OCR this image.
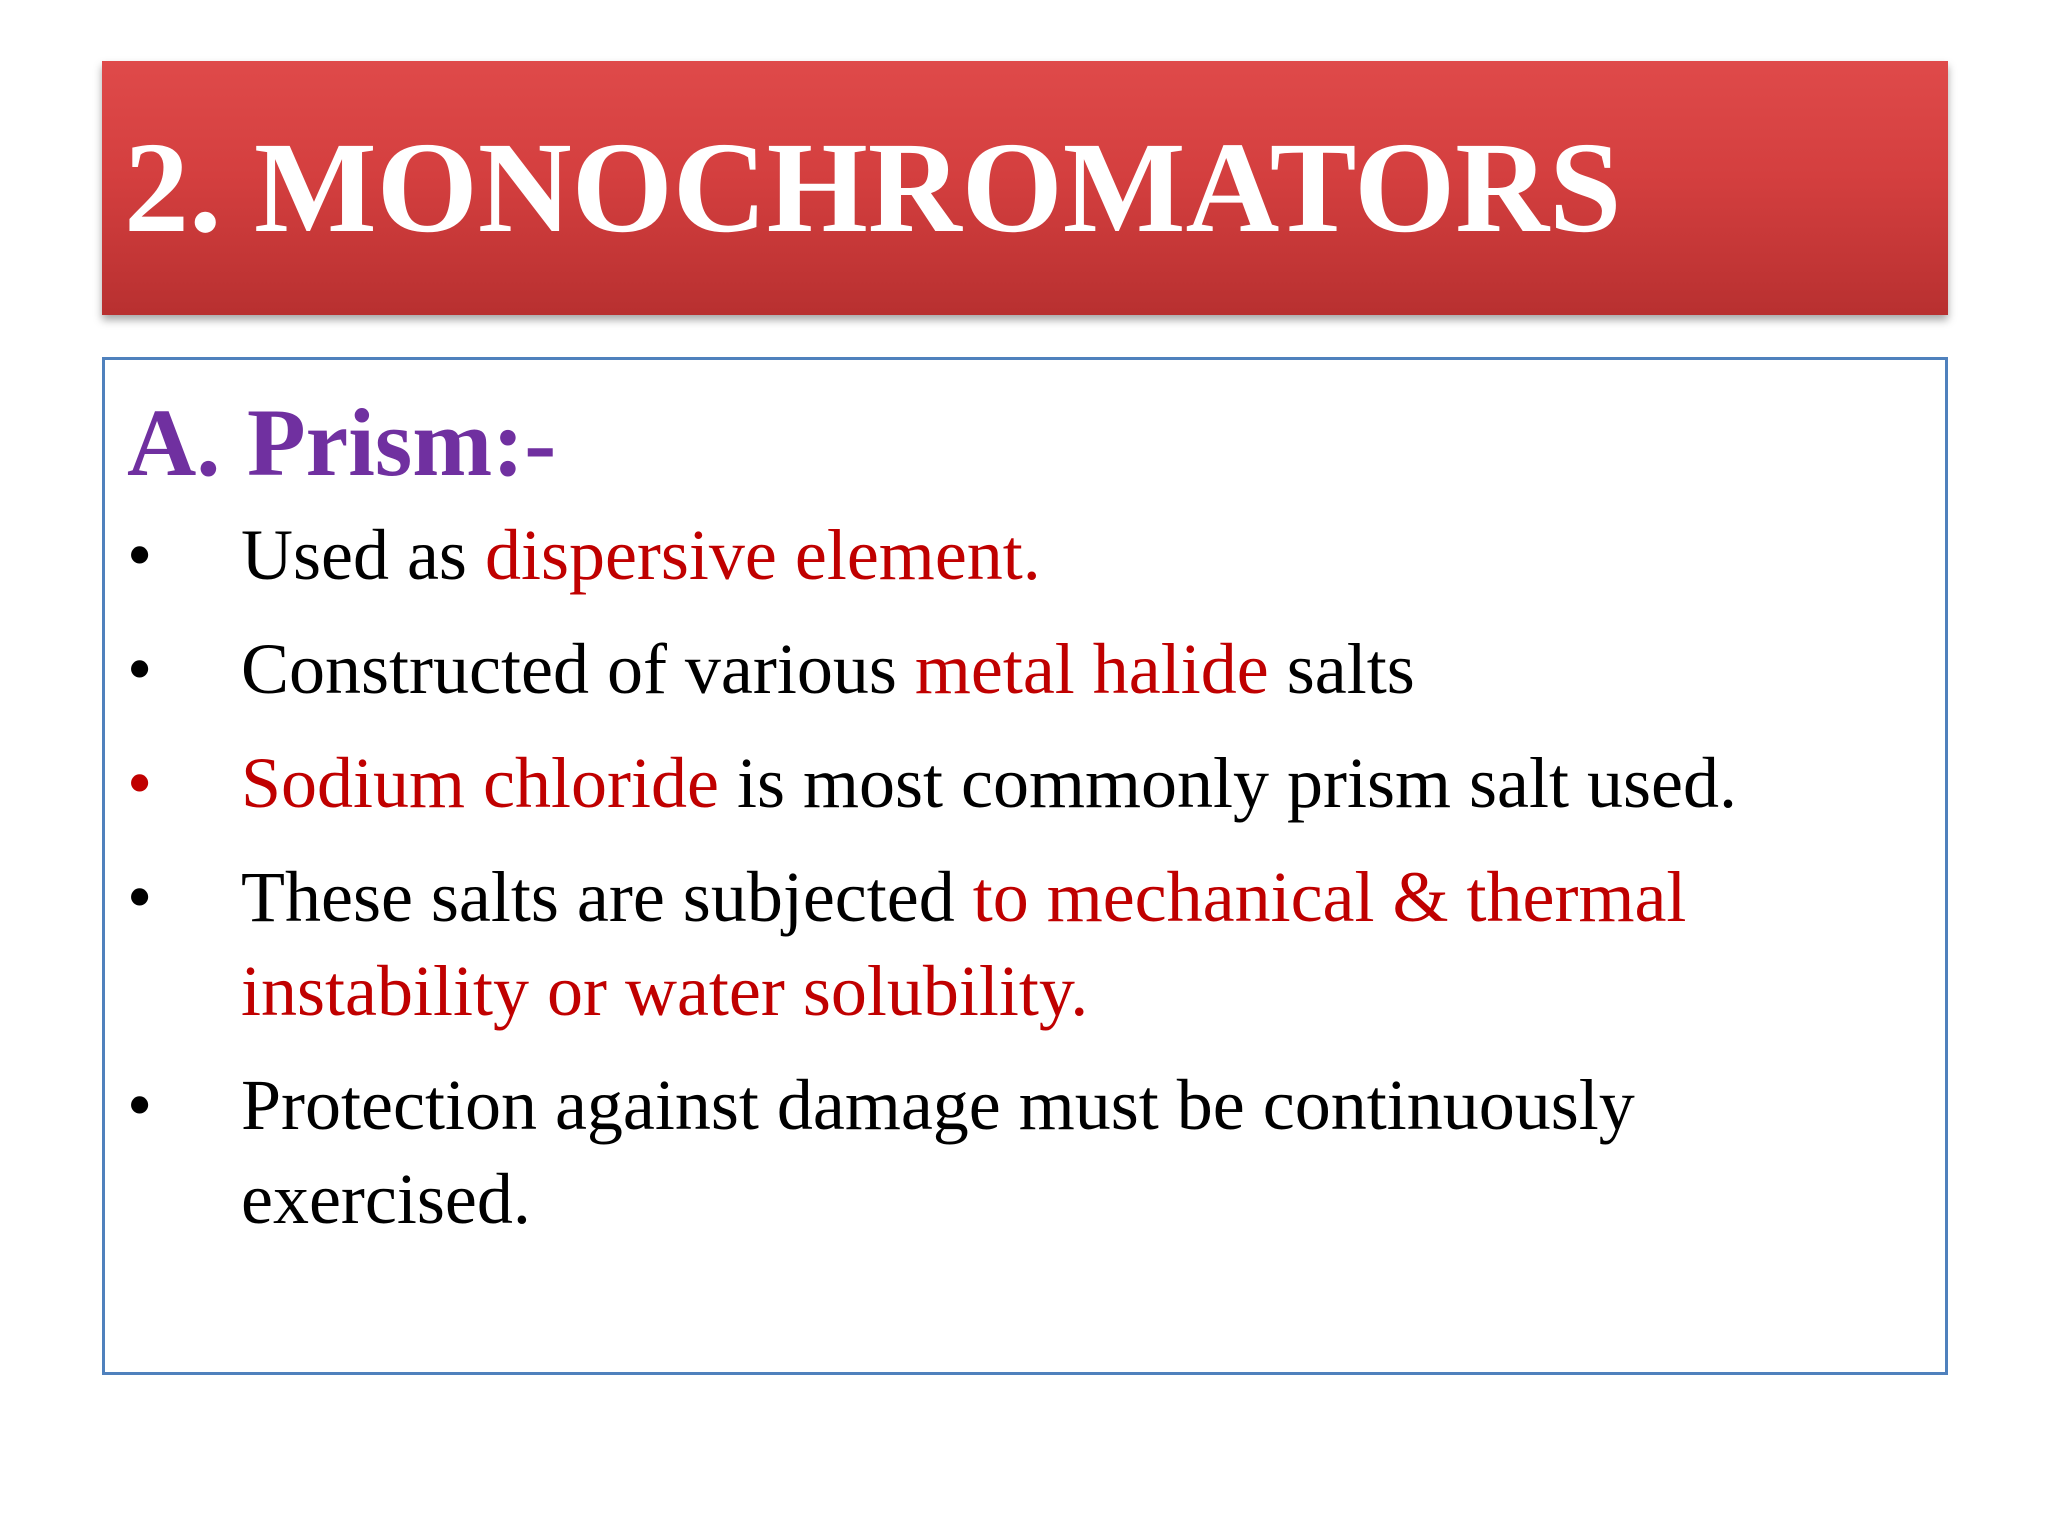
2. MONOCHROMATORS
A. Prism:-
•	Used as dispersive element.
•	Constructed of various metal halide salts
•	Sodium chloride is most commonly prism salt used.
•	These salts are subjected to mechanical & thermal
instability or water solubility.
•	Protection against damage must be continuously
exercised.
